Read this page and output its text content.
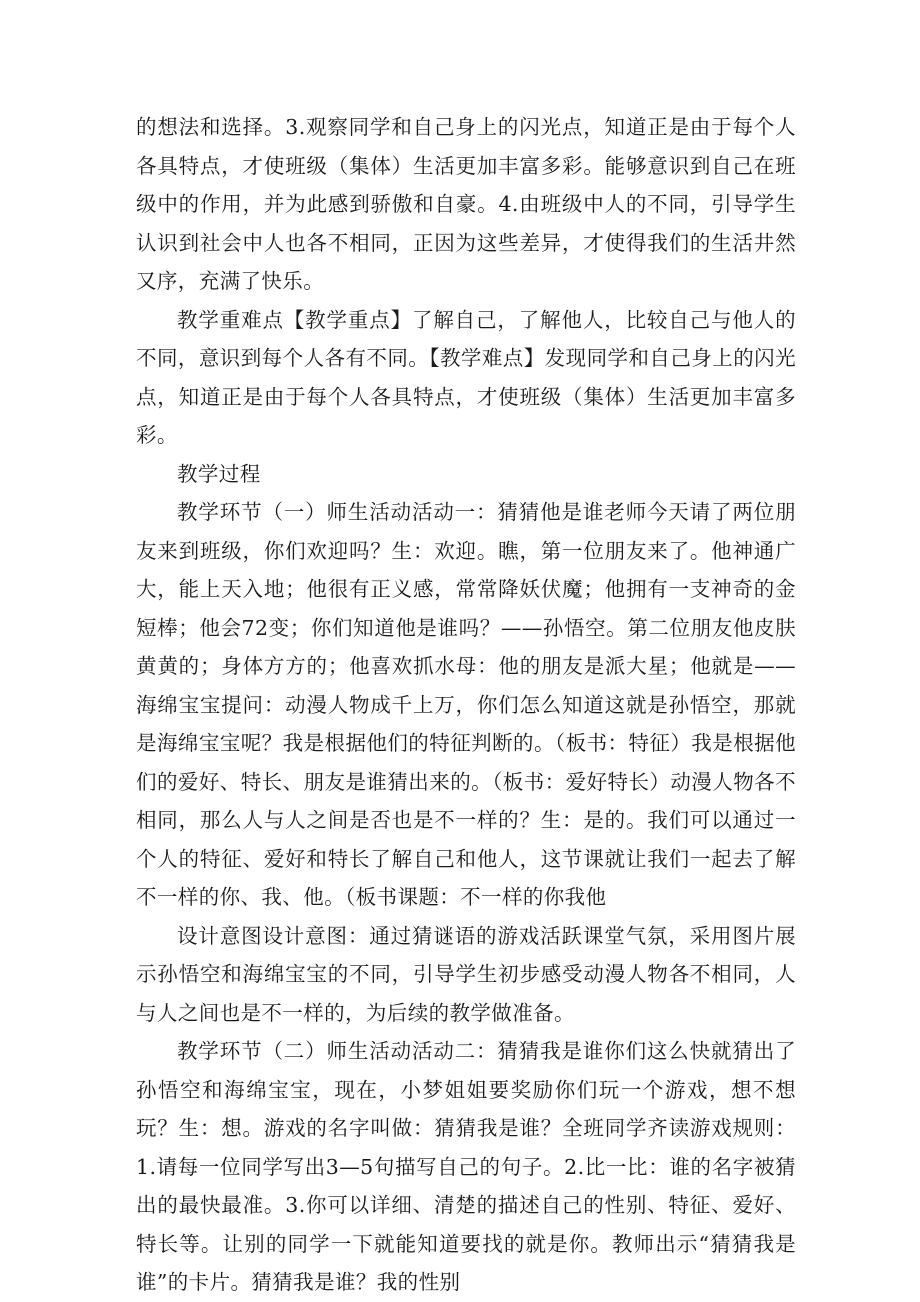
的想法和选择。3.观察同学和自己身上的闪光点，知道正是由于每个人各具特点，才使班级（集体）生活更加丰富多彩。能够意识到自己在班级中的作用，并为此感到骄傲和自豪。4.由班级中人的不同，引导学生认识到社会中人也各不相同，正因为这些差异，才使得我们的生活井然又序，充满了快乐。

教学重难点【教学重点】了解自己，了解他人，比较自己与他人的不同，意识到每个人各有不同。【教学难点】发现同学和自己身上的闪光点，知道正是由于每个人各具特点，才使班级（集体）生活更加丰富多彩。

教学过程

教学环节（一）师生活动活动一：猜猜他是谁老师今天请了两位朋友来到班级，你们欢迎吗？生：欢迎。瞧，第一位朋友来了。他神通广大，能上天入地；他很有正义感，常常降妖伏魔；他拥有一支神奇的金短棒；他会72变；你们知道他是谁吗？——孙悟空。第二位朋友他皮肤黄黄的；身体方方的；他喜欢抓水母：他的朋友是派大星；他就是——海绵宝宝提问：动漫人物成千上万，你们怎么知道这就是孙悟空，那就是海绵宝宝呢？我是根据他们的特征判断的。（板书：特征）我是根据他们的爱好、特长、朋友是谁猜出来的。（板书：爱好特长）动漫人物各不相同，那么人与人之间是否也是不一样的？生：是的。我们可以通过一个人的特征、爱好和特长了解自己和他人，这节课就让我们一起去了解不一样的你、我、他。（板书课题：不一样的你我他

设计意图设计意图：通过猜谜语的游戏活跃课堂气氛，采用图片展示孙悟空和海绵宝宝的不同，引导学生初步感受动漫人物各不相同，人与人之间也是不一样的，为后续的教学做准备。

教学环节（二）师生活动活动二：猜猜我是谁你们这么快就猜出了孙悟空和海绵宝宝，现在，小梦姐姐要奖励你们玩一个游戏，想不想玩？生：想。游戏的名字叫做：猜猜我是谁？全班同学齐读游戏规则：1.请每一位同学写出3—5句描写自己的句子。2.比一比：谁的名字被猜出的最快最准。3.你可以详细、清楚的描述自己的性别、特征、爱好、特长等。让别的同学一下就能知道要找的就是你。教师出示“猜猜我是谁”的卡片。猜猜我是谁？我的性别
